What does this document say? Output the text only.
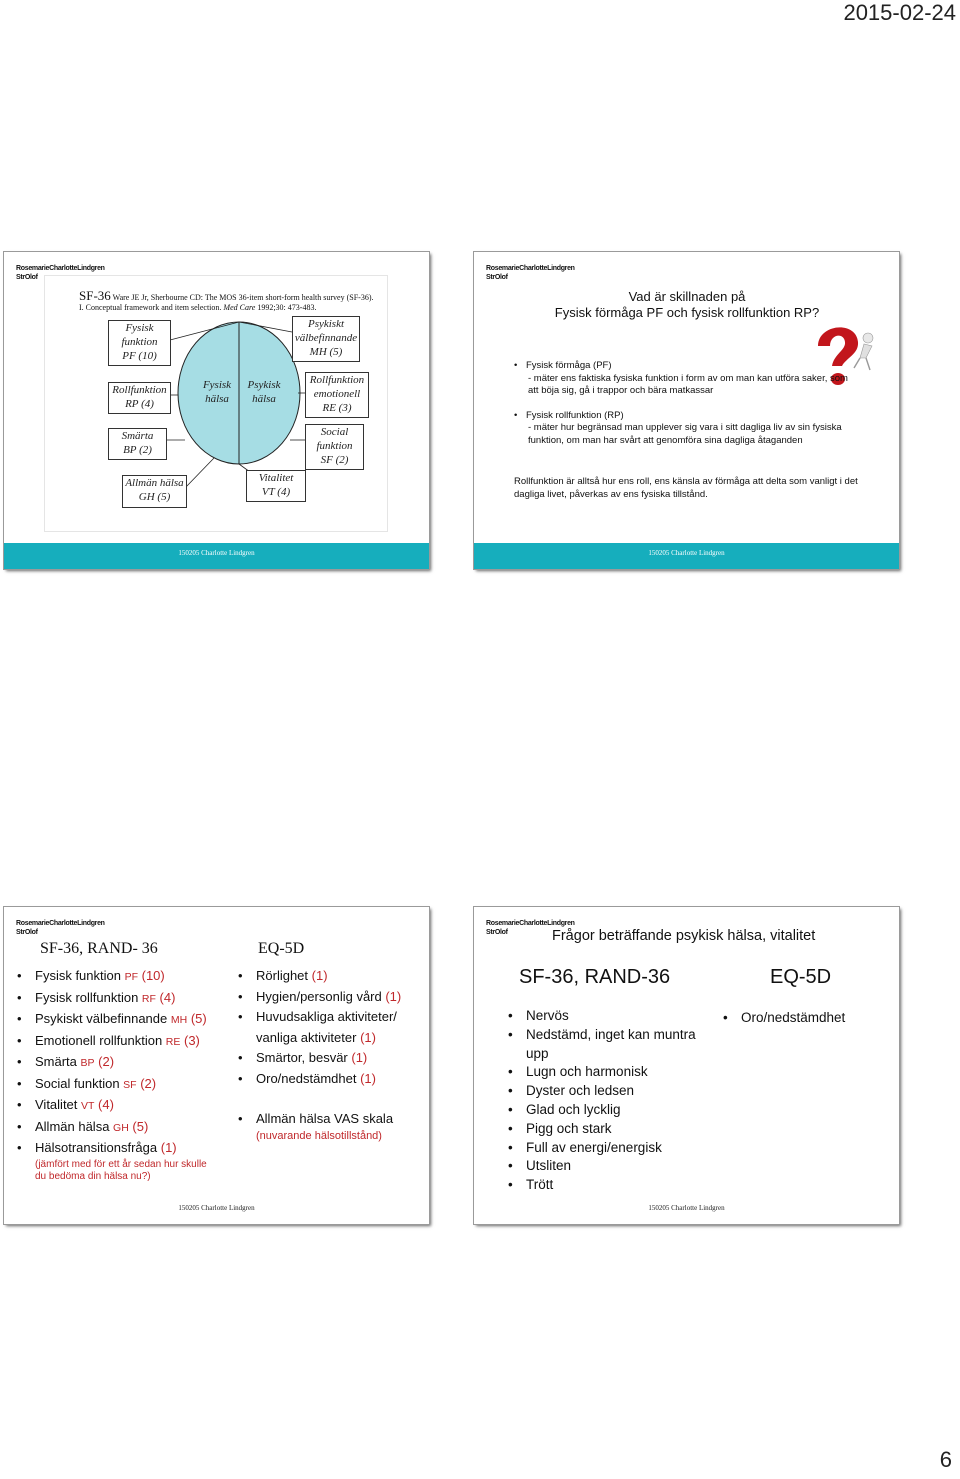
2015-02-24
RosemarieCharlotteLindgren
StrOlof
150205 Charlotte Lindgren
SF-36 Ware JE Jr, Sherbourne CD: The MOS 36-item short-form health survey (SF-36). I. Conceptual framework and item selection. Med Care 1992;30: 473-483.
Fysisk
funktion
PF (10)
Rollfunktion
RP (4)
Smärta
BP (2)
Allmän hälsa
GH (5)
Fysisk
hälsa
Psykisk
hälsa
Vitalitet
VT (4)
Psykiskt
välbefinnande
MH (5)
Rollfunktion
emotionell
RE (3)
Social
funktion
SF (2)
RosemarieCharlotteLindgren
StrOlof
150205 Charlotte Lindgren
Vad är skillnaden på
Fysisk förmåga PF och fysisk rollfunktion RP?
• Fysisk förmåga (PF)
- mäter ens faktiska fysiska funktion i form av om man kan utföra saker, som att böja sig, gå i trappor och bära matkassar
• Fysisk rollfunktion (RP)
- mäter hur begränsad man upplever sig vara i sitt dagliga liv av sin fysiska funktion, om man har svårt att genomföra sina dagliga åtaganden
Rollfunktion är alltså hur ens roll, ens känsla av förmåga att delta som vanligt i det dagliga livet, påverkas av ens fysiska tillstånd.
RosemarieCharlotteLindgren
StrOlof
150205 Charlotte Lindgren
SF-36, RAND- 36	EQ-5D
• Fysisk funktion PF (10)
• Fysisk rollfunktion RF (4)
• Psykiskt välbefinnande MH (5)
• Emotionell rollfunktion RE (3)
• Smärta BP (2)
• Social funktion SF (2)
• Vitalitet VT (4)
• Allmän hälsa GH (5)
• Hälsotransitionsfråga (1)
(jämfört med för ett år sedan hur skulle
du bedöma din hälsa nu?)
• Rörlighet (1)
• Hygien/personlig vård (1)
• Huvudsakliga aktiviteter/
vanliga aktiviteter (1)
• Smärtor, besvär (1)
• Oro/nedstämdhet (1)
• Allmän hälsa VAS skala
(nuvarande hälsotillstånd)
RosemarieCharlotteLindgren
StrOlof
150205 Charlotte Lindgren
Frågor beträffande psykisk hälsa, vitalitet
SF-36, RAND-36	EQ-5D
• Nervös
• Nedstämd, inget kan muntra upp
• Lugn och harmonisk
• Dyster och ledsen
• Glad och lycklig
• Pigg och stark
• Full av energi/energisk
• Utsliten
• Trött
• Oro/nedstämdhet
6
